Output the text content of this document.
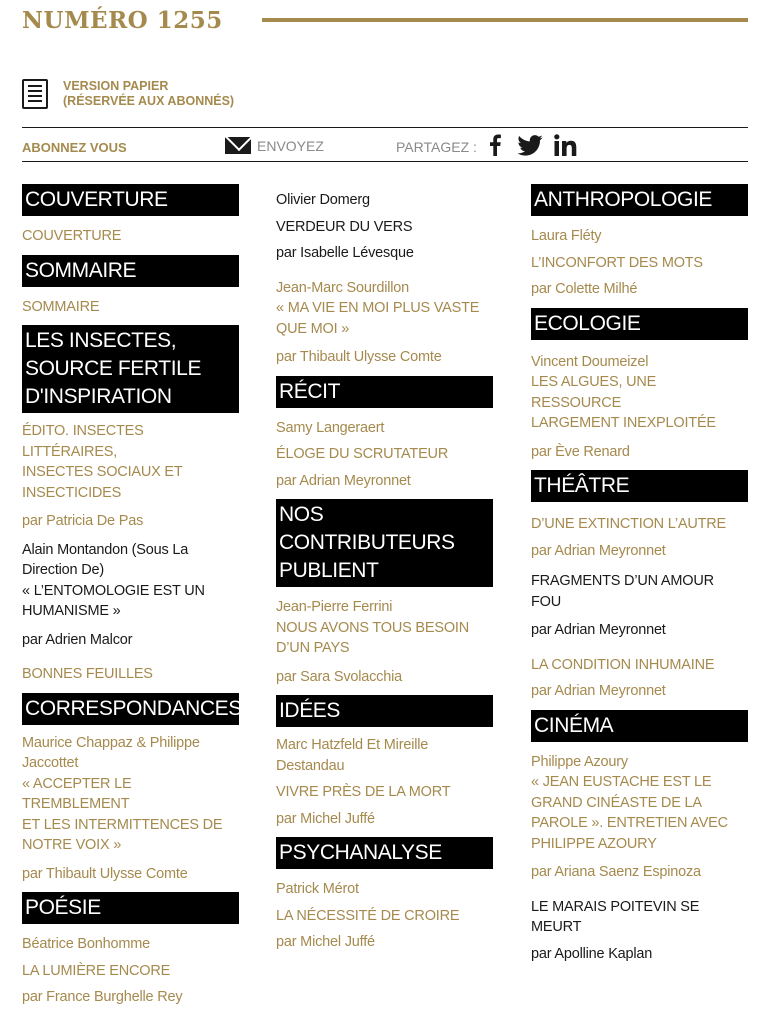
NUMÉRO 1255
VERSION PAPIER
(RÉSERVÉE AUX ABONNÉS)
ABONNEZ VOUS	ENVOYEZ	PARTAGEZ :
COUVERTURE
COUVERTURE
SOMMAIRE
SOMMAIRE
LES INSECTES,
SOURCE FERTILE
D'INSPIRATION
ÉDITO. INSECTES LITTÉRAIRES,
INSECTES SOCIAUX ET
INSECTICIDES
par Patricia De Pas
Alain Montandon (Sous La
Direction De)
« L’ENTOMOLOGIE EST UN
HUMANISME »
par Adrien Malcor
BONNES FEUILLES
CORRESPONDANCES
Maurice Chappaz & Philippe
Jaccottet
« ACCEPTER LE TREMBLEMENT
ET LES INTERMITTENCES DE
NOTRE VOIX »
par Thibault Ulysse Comte
POÉSIE
Béatrice Bonhomme
LA LUMIÈRE ENCORE
par France Burghelle Rey
Olivier Domerg
VERDEUR DU VERS
par Isabelle Lévesque
Jean-Marc Sourdillon
« MA VIE EN MOI PLUS VASTE
QUE MOI »
par Thibault Ulysse Comte
RÉCIT
Samy Langeraert
ÉLOGE DU SCRUTATEUR
par Adrian Meyronnet
NOS
CONTRIBUTEURS
PUBLIENT
Jean-Pierre Ferrini
NOUS AVONS TOUS BESOIN
D’UN PAYS
par Sara Svolacchia
IDÉES
Marc Hatzfeld Et Mireille
Destandau
VIVRE PRÈS DE LA MORT
par Michel Juffé
PSYCHANALYSE
Patrick Mérot
LA NÉCESSITÉ DE CROIRE
par Michel Juffé
ANTHROPOLOGIE
Laura Fléty
L’INCONFORT DES MOTS
par Colette Milhé
ECOLOGIE
Vincent Doumeizel
LES ALGUES, UNE RESSOURCE
LARGEMENT INEXPLOITÉE
par Ève Renard
THÉÂTRE
D’UNE EXTINCTION L’AUTRE
par Adrian Meyronnet
FRAGMENTS D’UN AMOUR
FOU
par Adrian Meyronnet
LA CONDITION INHUMAINE
par Adrian Meyronnet
CINÉMA
Philippe Azoury
« JEAN EUSTACHE EST LE
GRAND CINÉASTE DE LA
PAROLE ». ENTRETIEN AVEC
PHILIPPE AZOURY
par Ariana Saenz Espinoza
LE MARAIS POITEVIN SE MEURT
par Apolline Kaplan
